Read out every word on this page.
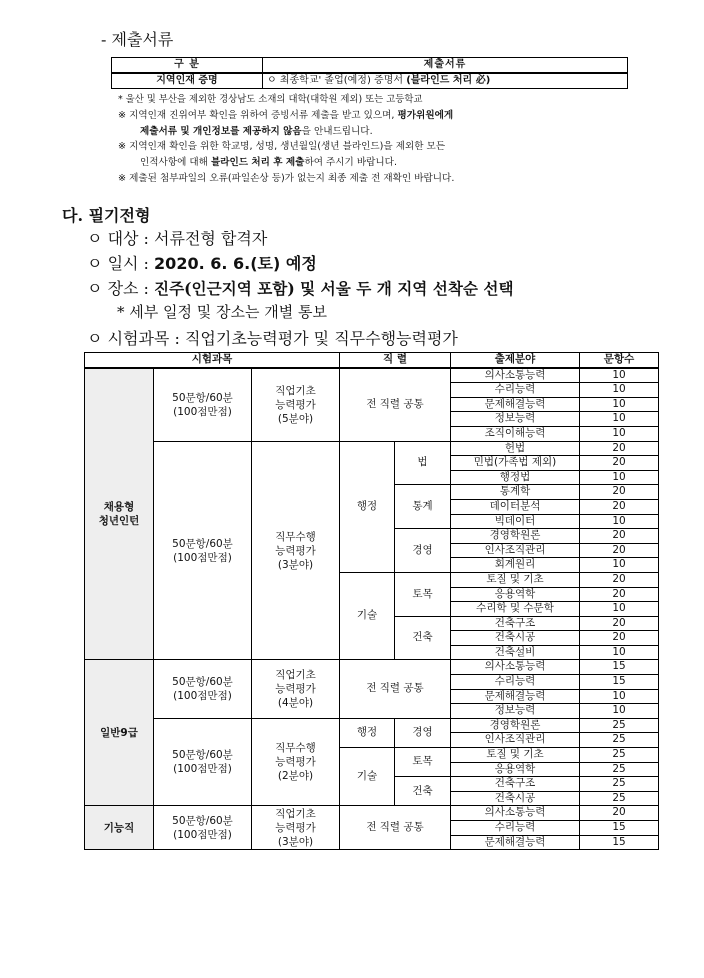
- 제출서류
구 분	제출서류
지역인재 증명	ㅇ 최종학교' 졸업(예정) 증명서 (블라인드 처리 必)
* 울산 및 부산을 제외한 경상남도 소재의 대학(대학원 제외) 또는 고등학교
※ 지역인재 진위여부 확인을 위하여 증빙서류 제출을 받고 있으며, 평가위원에게
제출서류 및 개인정보를 제공하지 않음을 안내드립니다.
※ 지역인재 확인을 위한 학교명, 성명, 생년월일(생년 블라인드)을 제외한 모든
인적사항에 대해 블라인드 처리 후 제출하여 주시기 바랍니다.
※ 제출된 첨부파일의 오류(파일손상 등)가 없는지 최종 제출 전 재확인 바랍니다.
다. 필기전형
ㅇ 대상 : 서류전형 합격자
ㅇ 일시 : 2020. 6. 6.(토) 예정
ㅇ 장소 : 진주(인근지역 포함) 및 서울 두 개 지역 선착순 선택
* 세부 일정 및 장소는 개별 통보
ㅇ 시험과목 : 직업기초능력평가 및 직무수행능력평가
시험과목			직 렬		출제분야	문항수
채용형
청년인턴	50문항/60분
(100점만점)	직업기초
능력평가
(5분야)	전 직렬 공통		의사소통능력	10
					수리능력	10
					문제해결능력	10
					정보능력	10
					조직이해능력	10
	50문항/60분
(100점만점)	직무수행
능력평가
(3분야)	행정	법	헌법	20
					민법(가족법 제외)	20
					행정법	10
				통계	통계학	20
					데이터분석	20
					빅데이터	10
				경영	경영학원론	20
					인사조직관리	20
					회계원리	10
			기술	토목	토질 및 기초	20
					응용역학	20
					수리학 및 수문학	10
				건축	건축구조	20
					건축시공	20
					건축설비	10
일반9급	50문항/60분
(100점만점)	직업기초
능력평가
(4분야)	전 직렬 공통		의사소통능력	15
					수리능력	15
					문제해결능력	10
					정보능력	10
	50문항/60분
(100점만점)	직무수행
능력평가
(2분야)	행정	경영	경영학원론	25
					인사조직관리	25
			기술	토목	토질 및 기초	25
					응용역학	25
				건축	건축구조	25
					건축시공	25
기능직	50문항/60분
(100점만점)	직업기초
능력평가
(3분야)	전 직렬 공통		의사소통능력	20
					수리능력	15
					문제해결능력	15
